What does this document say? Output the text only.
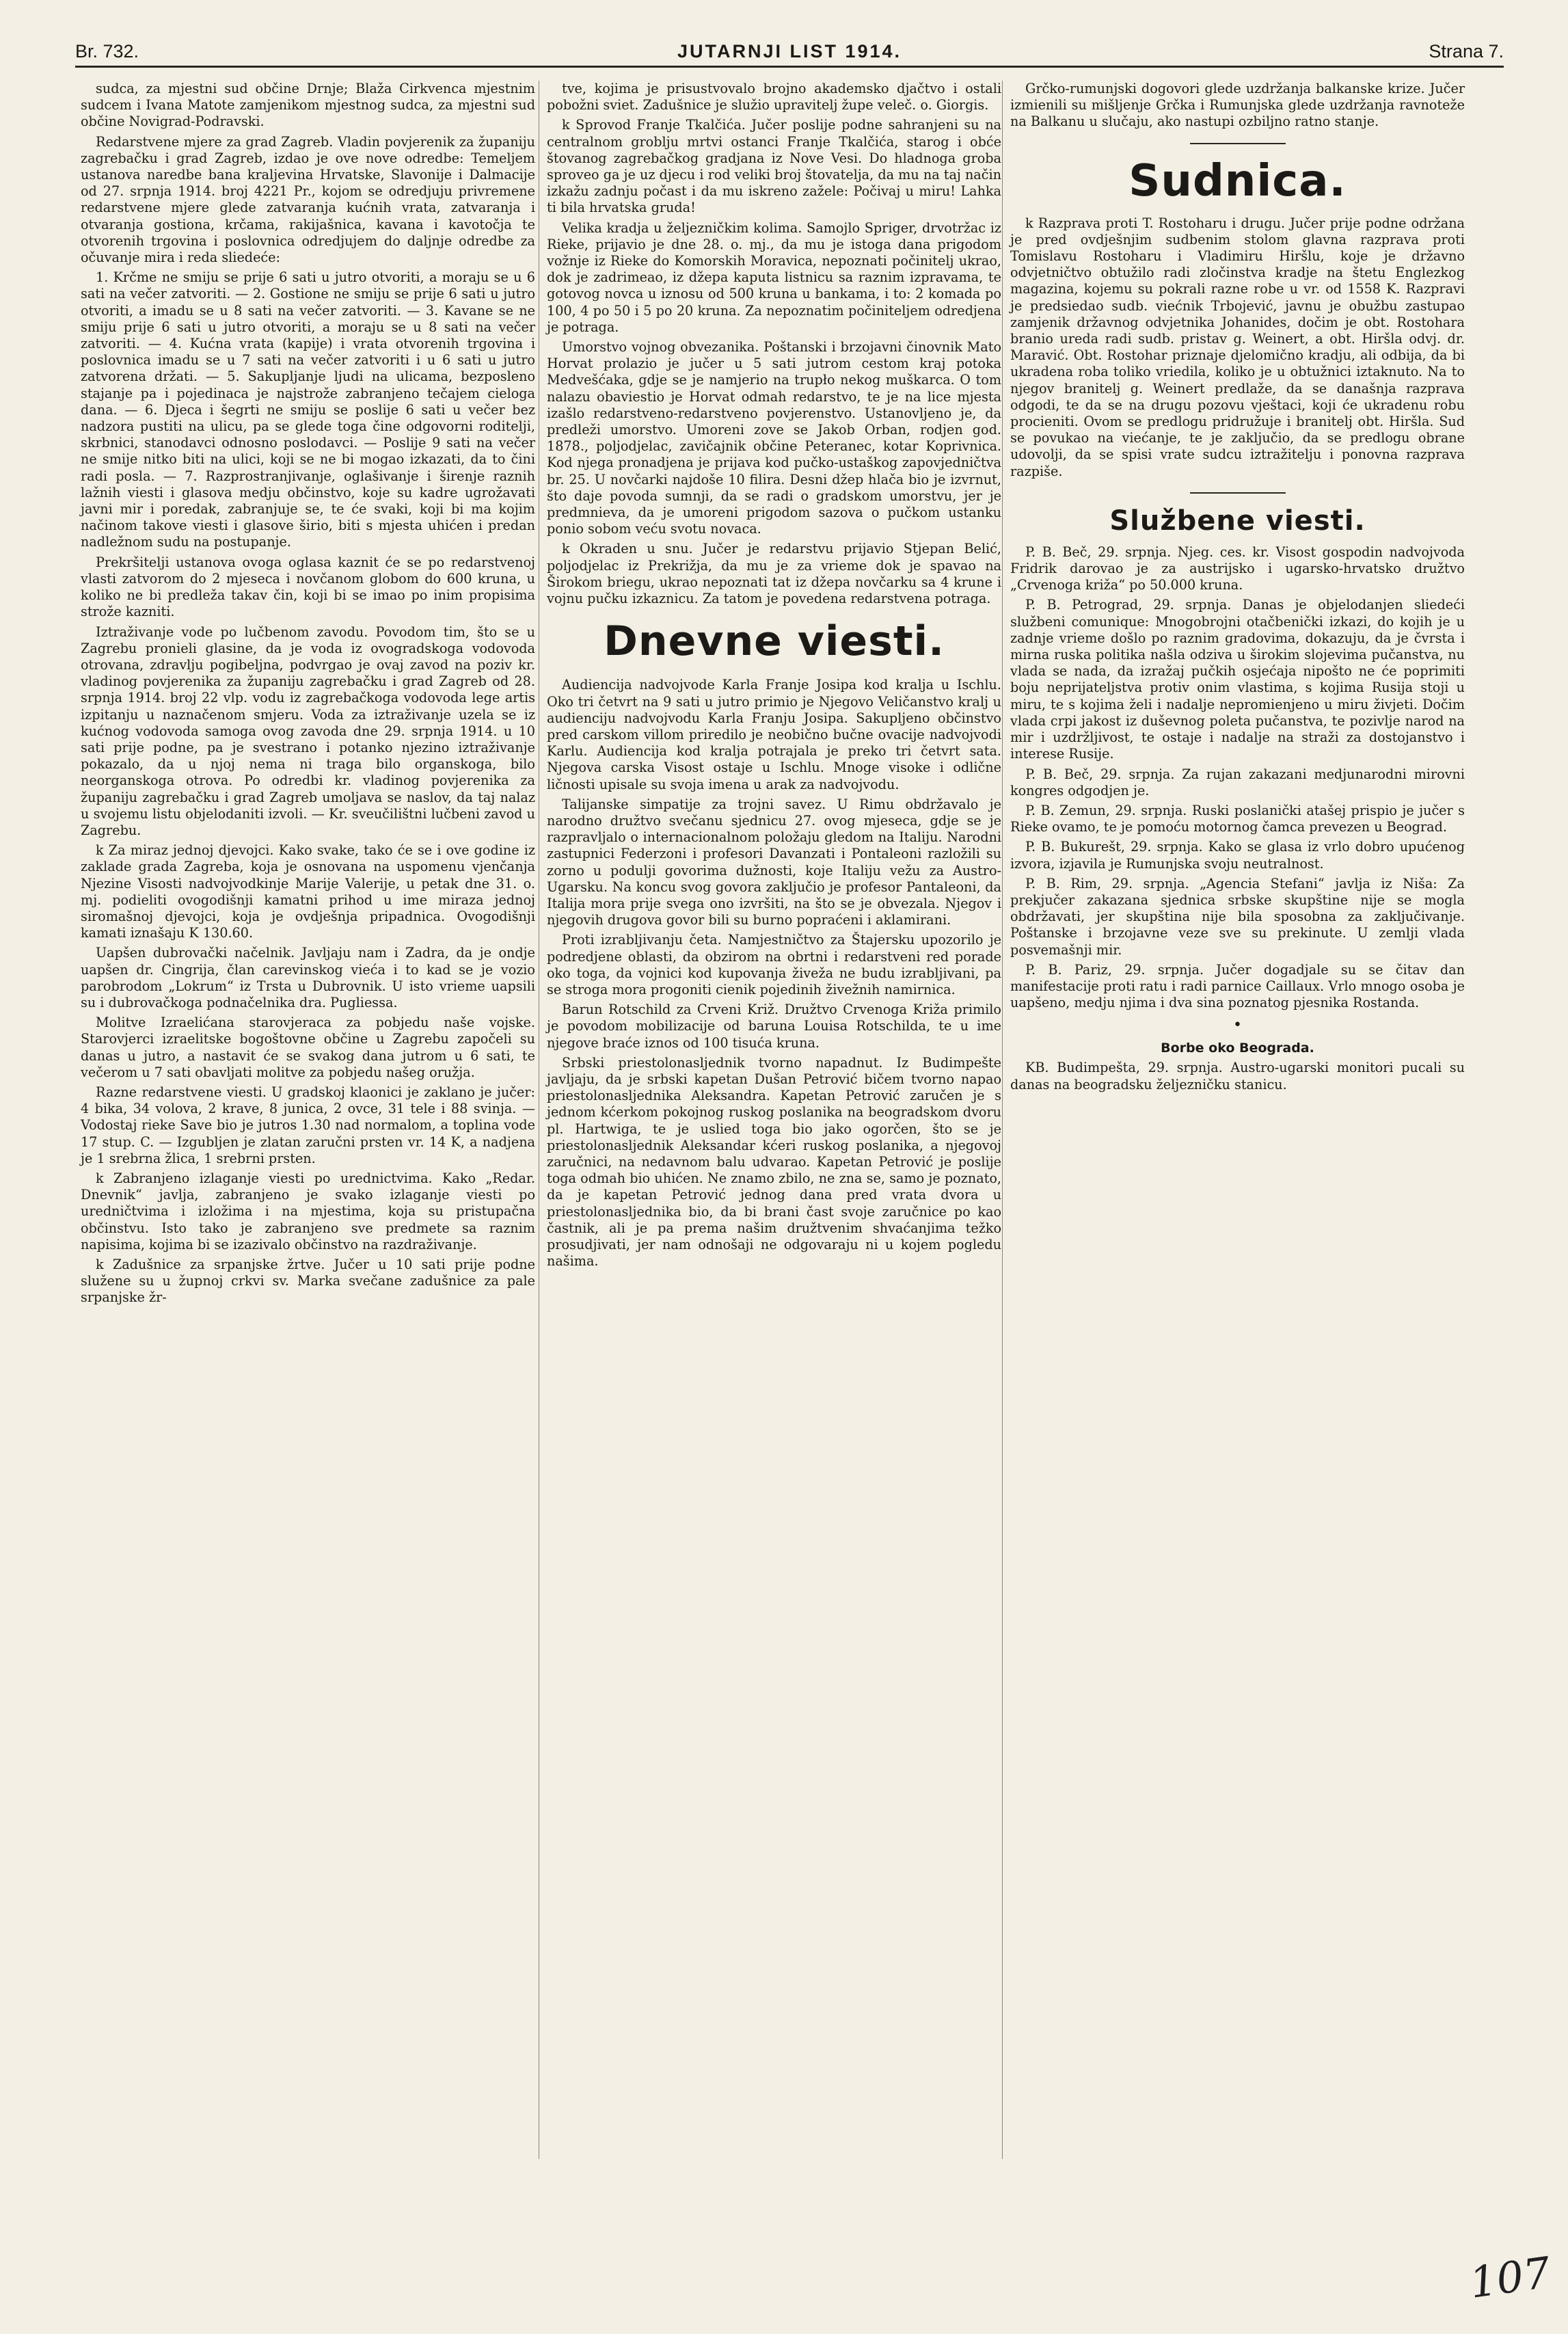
Br. 732.	JUTARNJI LIST 1914.	Strana 7.

sudca, za mjestni sud občine Drnje; Blaža Cirkvenca mjestnim sudcem i Ivana Matote zamjenikom mjestnog sudca, za mjestni sud občine Novigrad-Podravski.

Redarstvene mjere za grad Zagreb. Vladin povjerenik za županiju zagrebačku i grad Zagreb, izdao je ove nove odredbe: Temeljem ustanova naredbe bana kraljevina Hrvatske, Slavonije i Dalmacije od 27. srpnja 1914. broj 4221 Pr., kojom se odredjuju privremene redarstvene mjere glede zatvaranja kućnih vrata, zatvaranja i otvaranja gostiona, krčama, rakijašnica, kavana i kavotočja te otvorenih trgovina i poslovnica odredjujem do daljnje odredbe za očuvanje mira i reda sliedeće:

1. Krčme ne smiju se prije 6 sati u jutro otvoriti, a moraju se u 6 sati na večer zatvoriti. — 2. Gostione ne smiju se prije 6 sati u jutro otvoriti, a imadu se u 8 sati na večer zatvoriti. — 3. Kavane se ne smiju prije 6 sati u jutro otvoriti, a moraju se u 8 sati na večer zatvoriti. — 4. Kućna vrata (kapije) i vrata otvorenih trgovina i poslovnica imadu se u 7 sati na večer zatvoriti i u 6 sati u jutro zatvorena držati. — 5. Sakupljanje ljudi na ulicama, bezposleno stajanje pa i pojedinaca je najstrože zabranjeno tečajem cieloga dana. — 6. Djeca i šegrti ne smiju se poslije 6 sati u večer bez nadzora pustiti na ulicu, pa se glede toga čine odgovorni roditelji, skrbnici, stanodavci odnosno poslodavci. — Poslije 9 sati na večer ne smije nitko biti na ulici, koji se ne bi mogao izkazati, da to čini radi posla. — 7. Razprostranjivanje, oglašivanje i širenje raznih lažnih viesti i glasova medju občinstvo, koje su kadre ugrožavati javni mir i poredak, zabranjuje se, te će svaki, koji bi ma kojim načinom takove viesti i glasove širio, biti s mjesta uhićen i predan nadležnom sudu na postupanje.

Prekršitelji ustanova ovoga oglasa kaznit će se po redarstvenoj vlasti zatvorom do 2 mjeseca i novčanom globom do 600 kruna, u koliko ne bi predleža takav čin, koji bi se imao po inim propisima strože kazniti.

Iztraživanje vode po lučbenom zavodu. Povodom tim, što se u Zagrebu pronieli glasine, da je voda iz ovogradskoga vodovoda otrovana, zdravlju pogibeljna, podvrgao je ovaj zavod na poziv kr. vladinog povjerenika za županiju zagrebačku i grad Zagreb od 28. srpnja 1914. broj 22 vlp. vodu iz zagrebačkoga vodovoda lege artis izpitanju u naznačenom smjeru. Voda za iztraživanje uzela se iz kućnog vodovoda samoga ovog zavoda dne 29. srpnja 1914. u 10 sati prije podne, pa je svestrano i potanko njezino iztraživanje pokazalo, da u njoj nema ni traga bilo organskoga, bilo neorganskoga otrova. Po odredbi kr. vladinog povjerenika za županiju zagrebačku i grad Zagreb umoljava se naslov, da taj nalaz u svojemu listu objelodaniti izvoli. — Kr. sveučilištni lučbeni zavod u Zagrebu.

k Za miraz jednoj djevojci. Kako svake, tako će se i ove godine iz zaklade grada Zagreba, koja je osnovana na uspomenu vjenčanja Njezine Visosti nadvojvodkinje Marije Valerije, u petak dne 31. o. mj. podieliti ovogodišnji kamatni prihod u ime miraza jednoj siromašnoj djevojci, koja je ovdješnja pripadnica. Ovogodišnji kamati iznašaju K 130.60.

Uapšen dubrovački načelnik. Javljaju nam i Zadra, da je ondje uapšen dr. Cingrija, član carevinskog vieća i to kad se je vozio parobrodom „Lokrum“ iz Trsta u Dubrovnik. U isto vrieme uapsili su i dubrovačkoga podnačelnika dra. Pugliessa.

Molitve Izraelićana starovjeraca za pobjedu naše vojske. Starovjerci izraelitske bogoštovne občine u Zagrebu započeli su danas u jutro, a nastavit će se svakog dana jutrom u 6 sati, te večerom u 7 sati obavljati molitve za pobjedu našeg oružja.

Razne redarstvene viesti. U gradskoj klaonici je zaklano je jučer: 4 bika, 34 volova, 2 krave, 8 junica, 2 ovce, 31 tele i 88 svinja. — Vodostaj rieke Save bio je jutros 1.30 nad normalom, a toplina vode 17 stup. C. — Izgubljen je zlatan zaručni prsten vr. 14 K, a nadjena je 1 srebrna žlica, 1 srebrni prsten.

k Zabranjeno izlaganje viesti po urednictvima. Kako „Redar. Dnevnik“ javlja, zabranjeno je svako izlaganje viesti po uredničtvima i izložima i na mjestima, koja su pristupačna občinstvu. Isto tako je zabranjeno sve predmete sa raznim napisima, kojima bi se izazivalo občinstvo na razdraživanje.

k Zadušnice za srpanjske žrtve. Jučer u 10 sati prije podne služene su u župnoj crkvi sv. Marka svečane zadušnice za pale srpanjske žr-

tve, kojima je prisustvovalo brojno akademsko djačtvo i ostali pobožni sviet. Zadušnice je služio upravitelj župe veleč. o. Giorgis.

k Sprovod Franje Tkalčića. Jučer poslije podne sahranjeni su na centralnom groblju mrtvi ostanci Franje Tkalčića, starog i obće štovanog zagrebačkog gradjana iz Nove Vesi. Do hladnoga groba sproveo ga je uz djecu i rod veliki broj štovatelja, da mu na taj način izkažu zadnju počast i da mu iskreno zažele: Počivaj u miru! Lahka ti bila hrvatska gruda!

Velika kradja u željezničkim kolima. Samojlo Spriger, drvotržac iz Rieke, prijavio je dne 28. o. mj., da mu je istoga dana prigodom vožnje iz Rieke do Komorskih Moravica, nepoznati počinitelj ukrao, dok je zadrimeao, iz džepa kaputa listnicu sa raznim izpravama, te gotovog novca u iznosu od 500 kruna u bankama, i to: 2 komada po 100, 4 po 50 i 5 po 20 kruna. Za nepoznatim počiniteljem odredjena je potraga.

Umorstvo vojnog obvezanika. Poštanski i brzojavni činovnik Mato Horvat prolazio je jučer u 5 sati jutrom cestom kraj potoka Medvešćaka, gdje se je namjerio na trupło nekog muškarca. O tom nalazu obaviestio je Horvat odmah redarstvo, te je na lice mjesta izašlo redarstveno-redarstveno povjerenstvo. Ustanovljeno je, da predleži umorstvo. Umoreni zove se Jakob Orban, rodjen god. 1878., poljodjelac, zavičajnik občine Peteranec, kotar Koprivnica. Kod njega pronadjena je prijava kod pučko-ustaškog zapovjedničtva br. 25. U novčarki najdoše 10 filira. Desni džep hlača bio je izvrnut, što daje povoda sumnji, da se radi o gradskom umorstvu, jer je predmnieva, da je umoreni prigodom sazova o pučkom ustanku ponio sobom veću svotu novaca.

k Okraden u snu. Jučer je redarstvu prijavio Stjepan Belić, poljodjelac iz Prekrižja, da mu je za vrieme dok je spavao na Širokom briegu, ukrao nepoznati tat iz džepa novčarku sa 4 krune i vojnu pučku izkaznicu. Za tatom je povedena redarstvena potraga.

Dnevne viesti.

Audiencija nadvojvode Karla Franje Josipa kod kralja u Ischlu. Oko tri četvrt na 9 sati u jutro primio je Njegovo Veličanstvo kralj u audienciju nadvojvodu Karla Franju Josipa. Sakupljeno občinstvo pred carskom villom priredilo je neobično bučne ovacije nadvojvodi Karlu. Audiencija kod kralja potrajala je preko tri četvrt sata. Njegova carska Visost ostaje u Ischlu. Mnoge visoke i odlične ličnosti upisale su svoja imena u arak za nadvojvodu.

Talijanske simpatije za trojni savez. U Rimu obdržavalo je narodno družtvo svečanu sjednicu 27. ovog mjeseca, gdje se je razpravljalo o internacionalnom položaju gledom na Italiju. Narodni zastupnici Federzoni i profesori Davanzati i Pontaleoni razložili su zorno u podulji govorima dužnosti, koje Italiju vežu za Austro-Ugarsku. Na koncu svog govora zaključio je profesor Pantaleoni, da Italija mora prije svega ono izvršiti, na što se je obvezala. Njegov i njegovih drugova govor bili su burno popraćeni i aklamirani.

Proti izrabljivanju četa. Namjestničtvo za Štajersku upozorilo je podredjene oblasti, da obzirom na obrtni i redarstveni red porade oko toga, da vojnici kod kupovanja živeža ne budu izrabljivani, pa se stroga mora progoniti cienik pojedinih živežnih namirnica.

Barun Rotschild za Crveni Križ. Družtvo Crvenoga Križa primilo je povodom mobilizacije od baruna Louisa Rotschilda, te u ime njegove braće iznos od 100 tisuća kruna.

Srbski priestolonasljednik tvorno napadnut. Iz Budimpešte javljaju, da je srbski kapetan Dušan Petrović bičem tvorno napao priestolonasljednika Aleksandra. Kapetan Petrović zaručen je s jednom kćerkom pokojnog ruskog poslanika na beogradskom dvoru pl. Hartwiga, te je uslied toga bio jako ogorčen, što se je priestolonasljednik Aleksandar kćeri ruskog poslanika, a njegovoj zaručnici, na nedavnom balu udvarao. Kapetan Petrović je poslije toga odmah bio uhićen. Ne znamo zbilo, ne zna se, samo je poznato, da je kapetan Petrović jednog dana pred vrata dvora u priestolonasljednika bio, da bi brani čast svoje zaručnice po kao častnik, ali je pa prema našim družtvenim shvaćanjima težko prosudjivati, jer nam odnošaji ne odgovaraju ni u kojem pogledu našima.

Grčko-rumunjski dogovori glede uzdržanja balkanske krize. Jučer izmienili su mišljenje Grčka i Rumunjska glede uzdržanja ravnoteže na Balkanu u slučaju, ako nastupi ozbiljno ratno stanje.

Sudnica.

k Razprava proti T. Rostoharu i drugu. Jučer prije podne održana je pred ovdješnjim sudbenim stolom glavna razprava proti Tomislavu Rostoharu i Vladimiru Hiršlu, koje je državno odvjetničtvo obtužilo radi zločinstva kradje na štetu Englezkog magazina, kojemu su pokrali razne robe u vr. od 1558 K. Razpravi je predsiedao sudb. viećnik Trbojević, javnu je obužbu zastupao zamjenik državnog odvjetnika Johanides, dočim je obt. Rostohara branio ureda radi sudb. pristav g. Weinert, a obt. Hiršla odvj. dr. Maravić. Obt. Rostohar priznaje djelomično kradju, ali odbija, da bi ukradena roba toliko vriedila, koliko je u obtužnici iztaknuto. Na to njegov branitelj g. Weinert predlaže, da se današnja razprava odgodi, te da se na drugu pozovu vještaci, koji će ukradenu robu procieniti. Ovom se predlogu pridružuje i branitelj obt. Hiršla. Sud se povukao na viećanje, te je zaključio, da se predlogu obrane udovolji, da se spisi vrate sudcu iztražitelju i ponovna razprava razpiše.

Službene viesti.

P. B. Beč, 29. srpnja. Njeg. ces. kr. Visost gospodin nadvojvoda Fridrik darovao je za austrijsko i ugarsko-hrvatsko družtvo „Crvenoga križa“ po 50.000 kruna.

P. B. Petrograd, 29. srpnja. Danas je objelodanjen sliedeći službeni comunique: Mnogobrojni otačbenički izkazi, do kojih je u zadnje vrieme došlo po raznim gradovima, dokazuju, da je čvrsta i mirna ruska politika našla odziva u širokim slojevima pučanstva, nu vlada se nada, da izražaj pučkih osjećaja nipošto ne će poprimiti boju neprijateljstva protiv onim vlastima, s kojima Rusija stoji u miru, te s kojima želi i nadalje nepromienjeno u miru živjeti. Dočim vlada crpi jakost iz duševnog poleta pučanstva, te pozivlje narod na mir i uzdržljivost, te ostaje i nadalje na straži za dostojanstvo i interese Rusije.

P. B. Beč, 29. srpnja. Za rujan zakazani medjunarodni mirovni kongres odgodjen je.

P. B. Zemun, 29. srpnja. Ruski poslanički atašej prispio je jučer s Rieke ovamo, te je pomoću motornog čamca prevezen u Beograd.

P. B. Bukurešt, 29. srpnja. Kako se glasa iz vrlo dobro upućenog izvora, izjavila je Rumunjska svoju neutralnost.

P. B. Rim, 29. srpnja. „Agencia Stefani“ javlja iz Niša: Za prekjučer zakazana sjednica srbske skupštine nije se mogla obdržavati, jer skupština nije bila sposobna za zaključivanje. Poštanske i brzojavne veze sve su prekinute. U zemlji vlada posvemašnji mir.

P. B. Pariz, 29. srpnja. Jučer dogadjale su se čitav dan manifestacije proti ratu i radi parnice Caillaux. Vrlo mnogo osoba je uapšeno, medju njima i dva sina poznatog pjesnika Rostanda.

•
Borbe oko Beograda.

KB. Budimpešta, 29. srpnja. Austro-ugarski monitori pucali su danas na beogradsku željezničku stanicu.

107
